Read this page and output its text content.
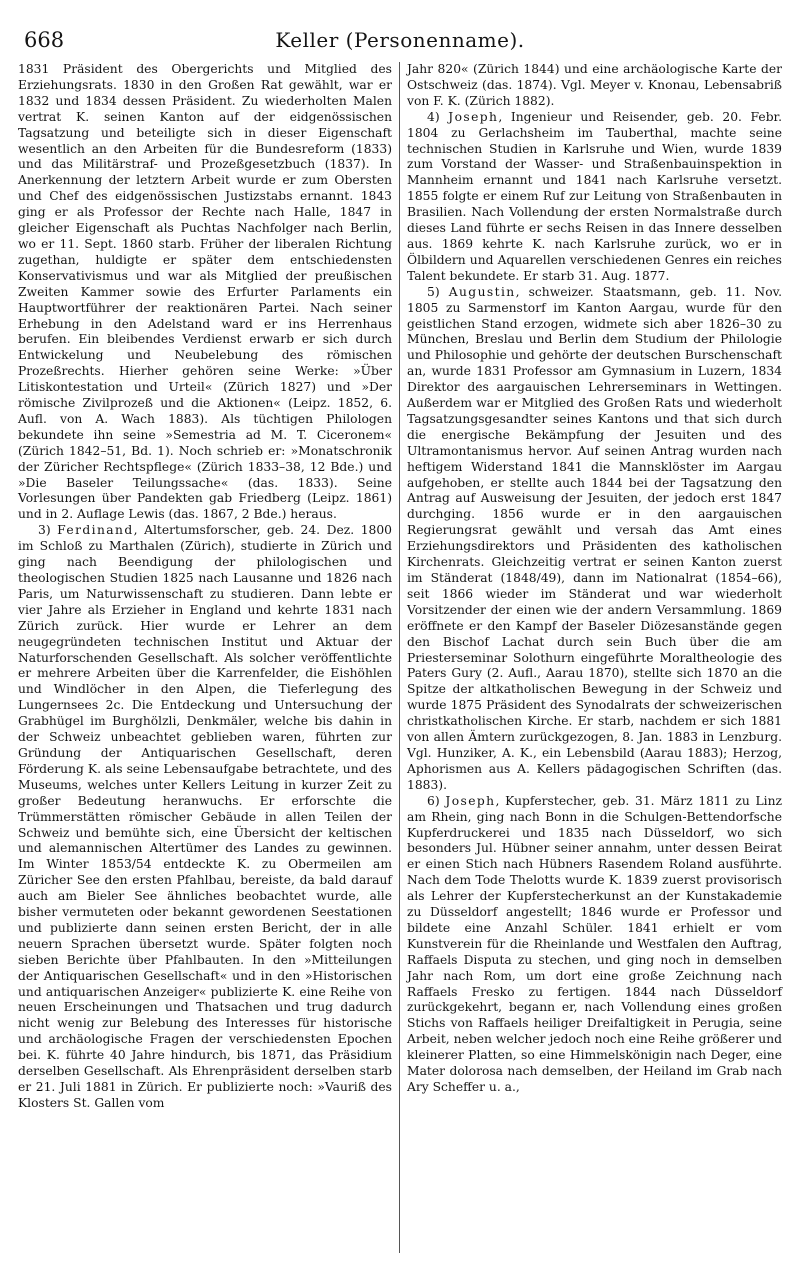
668	Keller (Personenname).

1831 Präsident des Obergerichts und Mitglied des Erziehungsrats. 1830 in den Großen Rat gewählt, war er 1832 und 1834 dessen Präsident. Zu wiederholten Malen vertrat K. seinen Kanton auf der eidgenössischen Tagsatzung und beteiligte sich in dieser Eigenschaft wesentlich an den Arbeiten für die Bundesreform (1833) und das Militärstraf- und Prozeßgesetzbuch (1837). In Anerkennung der letztern Arbeit wurde er zum Obersten und Chef des eidgenössischen Justizstabs ernannt. 1843 ging er als Professor der Rechte nach Halle, 1847 in gleicher Eigenschaft als Puchtas Nachfolger nach Berlin, wo er 11. Sept. 1860 starb. Früher der liberalen Richtung zugethan, huldigte er später dem entschiedensten Konservativismus und war als Mitglied der preußischen Zweiten Kammer sowie des Erfurter Parlaments ein Hauptwortführer der reaktionären Partei. Nach seiner Erhebung in den Adelstand ward er ins Herrenhaus berufen. Ein bleibendes Verdienst erwarb er sich durch Entwickelung und Neubelebung des römischen Prozeßrechts. Hierher gehören seine Werke: »Über Litiskontestation und Urteil« (Zürich 1827) und »Der römische Zivilprozeß und die Aktionen« (Leipz. 1852, 6. Aufl. von A. Wach 1883). Als tüchtigen Philologen bekundete ihn seine »Semestria ad M. T. Ciceronem« (Zürich 1842–51, Bd. 1). Noch schrieb er: »Monatschronik der Züricher Rechtspflege« (Zürich 1833–38, 12 Bde.) und »Die Baseler Teilungssache« (das. 1833). Seine Vorlesungen über Pandekten gab Friedberg (Leipz. 1861) und in 2. Auflage Lewis (das. 1867, 2 Bde.) heraus.

3) Ferdinand, Altertumsforscher, geb. 24. Dez. 1800 im Schloß zu Marthalen (Zürich), studierte in Zürich und ging nach Beendigung der philologischen und theologischen Studien 1825 nach Lausanne und 1826 nach Paris, um Naturwissenschaft zu studieren. Dann lebte er vier Jahre als Erzieher in England und kehrte 1831 nach Zürich zurück. Hier wurde er Lehrer an dem neugegründeten technischen Institut und Aktuar der Naturforschenden Gesellschaft. Als solcher veröffentlichte er mehrere Arbeiten über die Karrenfelder, die Eishöhlen und Windlöcher in den Alpen, die Tieferlegung des Lungernsees 2c. Die Entdeckung und Untersuchung der Grabhügel im Burghölzli, Denkmäler, welche bis dahin in der Schweiz unbeachtet geblieben waren, führten zur Gründung der Antiquarischen Gesellschaft, deren Förderung K. als seine Lebensaufgabe betrachtete, und des Museums, welches unter Kellers Leitung in kurzer Zeit zu großer Bedeutung heranwuchs. Er erforschte die Trümmerstätten römischer Gebäude in allen Teilen der Schweiz und bemühte sich, eine Übersicht der keltischen und alemannischen Altertümer des Landes zu gewinnen. Im Winter 1853/54 entdeckte K. zu Obermeilen am Züricher See den ersten Pfahlbau, bereiste, da bald darauf auch am Bieler See ähnliches beobachtet wurde, alle bisher vermuteten oder bekannt gewordenen Seestationen und publizierte dann seinen ersten Bericht, der in alle neuern Sprachen übersetzt wurde. Später folgten noch sieben Berichte über Pfahlbauten. In den »Mitteilungen der Antiquarischen Gesellschaft« und in den »Historischen und antiquarischen Anzeiger« publizierte K. eine Reihe von neuen Erscheinungen und Thatsachen und trug dadurch nicht wenig zur Belebung des Interesses für historische und archäologische Fragen der verschiedensten Epochen bei. K. führte 40 Jahre hindurch, bis 1871, das Präsidium derselben Gesellschaft. Als Ehrenpräsident derselben starb er 21. Juli 1881 in Zürich. Er publizierte noch: »Vauriß des Klosters St. Gallen vom

Jahr 820« (Zürich 1844) und eine archäologische Karte der Ostschweiz (das. 1874). Vgl. Meyer v. Knonau, Lebensabriß von F. K. (Zürich 1882).

4) Joseph, Ingenieur und Reisender, geb. 20. Febr. 1804 zu Gerlachsheim im Tauberthal, machte seine technischen Studien in Karlsruhe und Wien, wurde 1839 zum Vorstand der Wasser- und Straßenbauinspektion in Mannheim ernannt und 1841 nach Karlsruhe versetzt. 1855 folgte er einem Ruf zur Leitung von Straßenbauten in Brasilien. Nach Vollendung der ersten Normalstraße durch dieses Land führte er sechs Reisen in das Innere desselben aus. 1869 kehrte K. nach Karlsruhe zurück, wo er in Ölbildern und Aquarellen verschiedenen Genres ein reiches Talent bekundete. Er starb 31. Aug. 1877.

5) Augustin, schweizer. Staatsmann, geb. 11. Nov. 1805 zu Sarmenstorf im Kanton Aargau, wurde für den geistlichen Stand erzogen, widmete sich aber 1826–30 zu München, Breslau und Berlin dem Studium der Philologie und Philosophie und gehörte der deutschen Burschenschaft an, wurde 1831 Professor am Gymnasium in Luzern, 1834 Direktor des aargauischen Lehrerseminars in Wettingen. Außerdem war er Mitglied des Großen Rats und wiederholt Tagsatzungsgesandter seines Kantons und that sich durch die energische Bekämpfung der Jesuiten und des Ultramontanismus hervor. Auf seinen Antrag wurden nach heftigem Widerstand 1841 die Mannsklöster im Aargau aufgehoben, er stellte auch 1844 bei der Tagsatzung den Antrag auf Ausweisung der Jesuiten, der jedoch erst 1847 durchging. 1856 wurde er in den aargauischen Regierungsrat gewählt und versah das Amt eines Erziehungsdirektors und Präsidenten des katholischen Kirchenrats. Gleichzeitig vertrat er seinen Kanton zuerst im Ständerat (1848/49), dann im Nationalrat (1854–66), seit 1866 wieder im Ständerat und war wiederholt Vorsitzender der einen wie der andern Versammlung. 1869 eröffnete er den Kampf der Baseler Diözesanstände gegen den Bischof Lachat durch sein Buch über die am Priesterseminar Solothurn eingeführte Moraltheologie des Paters Gury (2. Aufl., Aarau 1870), stellte sich 1870 an die Spitze der altkatholischen Bewegung in der Schweiz und wurde 1875 Präsident des Synodalrats der schweizerischen christkatholischen Kirche. Er starb, nachdem er sich 1881 von allen Ämtern zurückgezogen, 8. Jan. 1883 in Lenzburg. Vgl. Hunziker, A. K., ein Lebensbild (Aarau 1883); Herzog, Aphorismen aus A. Kellers pädagogischen Schriften (das. 1883).

6) Joseph, Kupferstecher, geb. 31. März 1811 zu Linz am Rhein, ging nach Bonn in die Schulgen-Bettendorfsche Kupferdruckerei und 1835 nach Düsseldorf, wo sich besonders Jul. Hübner seiner annahm, unter dessen Beirat er einen Stich nach Hübners Rasendem Roland ausführte. Nach dem Tode Thelotts wurde K. 1839 zuerst provisorisch als Lehrer der Kupferstecherkunst an der Kunstakademie zu Düsseldorf angestellt; 1846 wurde er Professor und bildete eine Anzahl Schüler. 1841 erhielt er vom Kunstverein für die Rheinlande und Westfalen den Auftrag, Raffaels Disputa zu stechen, und ging noch in demselben Jahr nach Rom, um dort eine große Zeichnung nach Raffaels Fresko zu fertigen. 1844 nach Düsseldorf zurückgekehrt, begann er, nach Vollendung eines großen Stichs von Raffaels heiliger Dreifaltigkeit in Perugia, seine Arbeit, neben welcher jedoch noch eine Reihe größerer und kleinerer Platten, so eine Himmelskönigin nach Deger, eine Mater dolorosa nach demselben, der Heiland im Grab nach Ary Scheffer u. a.,
